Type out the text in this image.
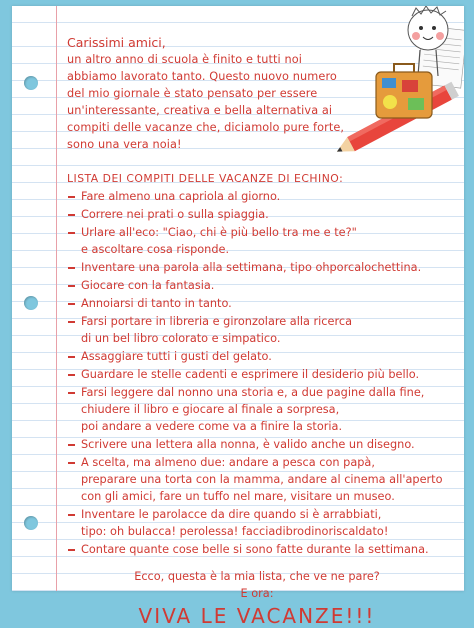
Carissimi amici,

un altro anno di scuola è finito e tutti noi abbiamo lavorato tanto. Questo nuovo numero del mio giornale è stato pensato per essere un'interessante, creativa e bella alternativa ai compiti delle vacanze che, diciamolo pure forte, sono una vera noia!

LISTA DEI COMPITI DELLE VACANZE DI ECHINO:
Fare almeno una capriola al giorno.
Correre nei prati o sulla spiaggia.
Urlare all'eco: "Ciao, chi è più bello tra me e te?"
e ascoltare cosa risponde.
Inventare una parola alla settimana, tipo ohporcalochettina.
Giocare con la fantasia.
Annoiarsi di tanto in tanto.
Farsi portare in libreria e gironzolare alla ricerca
di un bel libro colorato e simpatico.
Assaggiare tutti i gusti del gelato.
Guardare le stelle cadenti e esprimere il desiderio più bello.
Farsi leggere dal nonno una storia e, a due pagine dalla fine,
chiudere il libro e giocare al finale a sorpresa,
poi andare a vedere come va a finire la storia.
Scrivere una lettera alla nonna, è valido anche un disegno.
A scelta, ma almeno due: andare a pesca con papà,
preparare una torta con la mamma, andare al cinema all'aperto
con gli amici, fare un tuffo nel mare, visitare un museo.
Inventare le parolacce da dire quando si è arrabbiati,
tipo: oh bulacca! perolessa! facciadibrodinoriscaldato!
Contare quante cose belle si sono fatte durante la settimana.
Ecco, questa è la mia lista, che ve ne pare?
E ora:
VIVA LE VACANZE!!!
